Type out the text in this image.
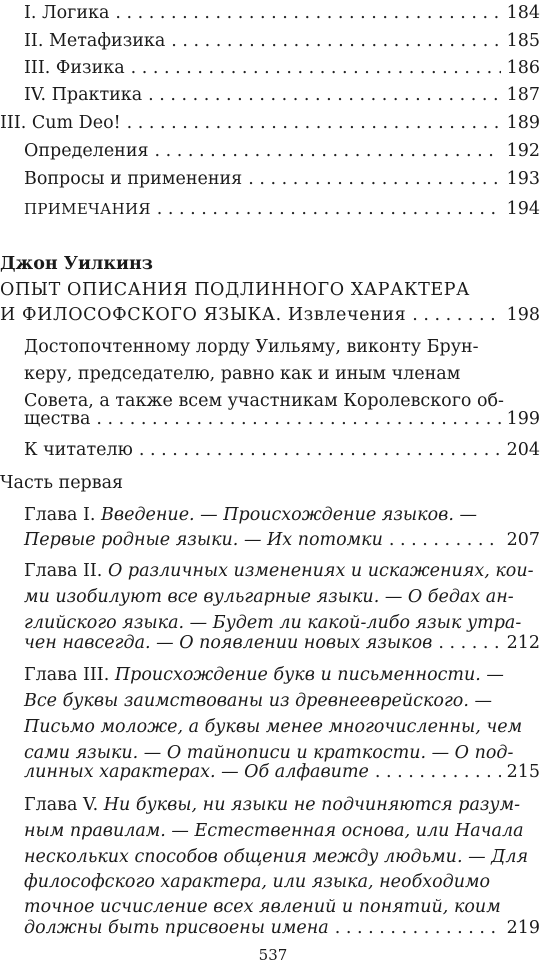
I. Логика . . .	184
II. Метафизика . . .	185
III. Физика . . .	186
IV. Практика . . .	187
III. Cum Deo! . . .	189
Определения . . .	192
Вопросы и применения . . .	193
ПРИМЕЧАНИЯ . . .	194
Джон Уилкинз
ОПЫТ ОПИСАНИЯ ПОДЛИННОГО ХАРАКТЕРА
И ФИЛОСОФСКОГО ЯЗЫКА. Извлечения . . .	198
Достопочтенному лорду Уильяму, виконту Брун-
керу, председателю, равно как и иным членам
Совета, а также всем участникам Королевского об-
щества . . .	199
К читателю . . .	204
Часть первая
Глава I. Введение. — Происхождение языков. —
Первые родные языки. — Их потомки . . .	207
Глава II. О различных изменениях и искажениях, кои-
ми изобилуют все вульгарные языки. — О бедах ан-
глийского языка. — Будет ли какой-либо язык утра-
чен навсегда. — О появлении новых языков . . .	212
Глава III. Происхождение букв и письменности. —
Все буквы заимствованы из древнееврейского. —
Письмо моложе, а буквы менее многочисленны, чем
сами языки. — О тайнописи и краткости. — О под-
линных характерах. — Об алфавите . . .	215
Глава V. Ни буквы, ни языки не подчиняются разум-
ным правилам. — Естественная основа, или Начала
нескольких способов общения между людьми. — Для
философского характера, или языка, необходимо
точное исчисление всех явлений и понятий, коим
должны быть присвоены имена . . .	219
537
